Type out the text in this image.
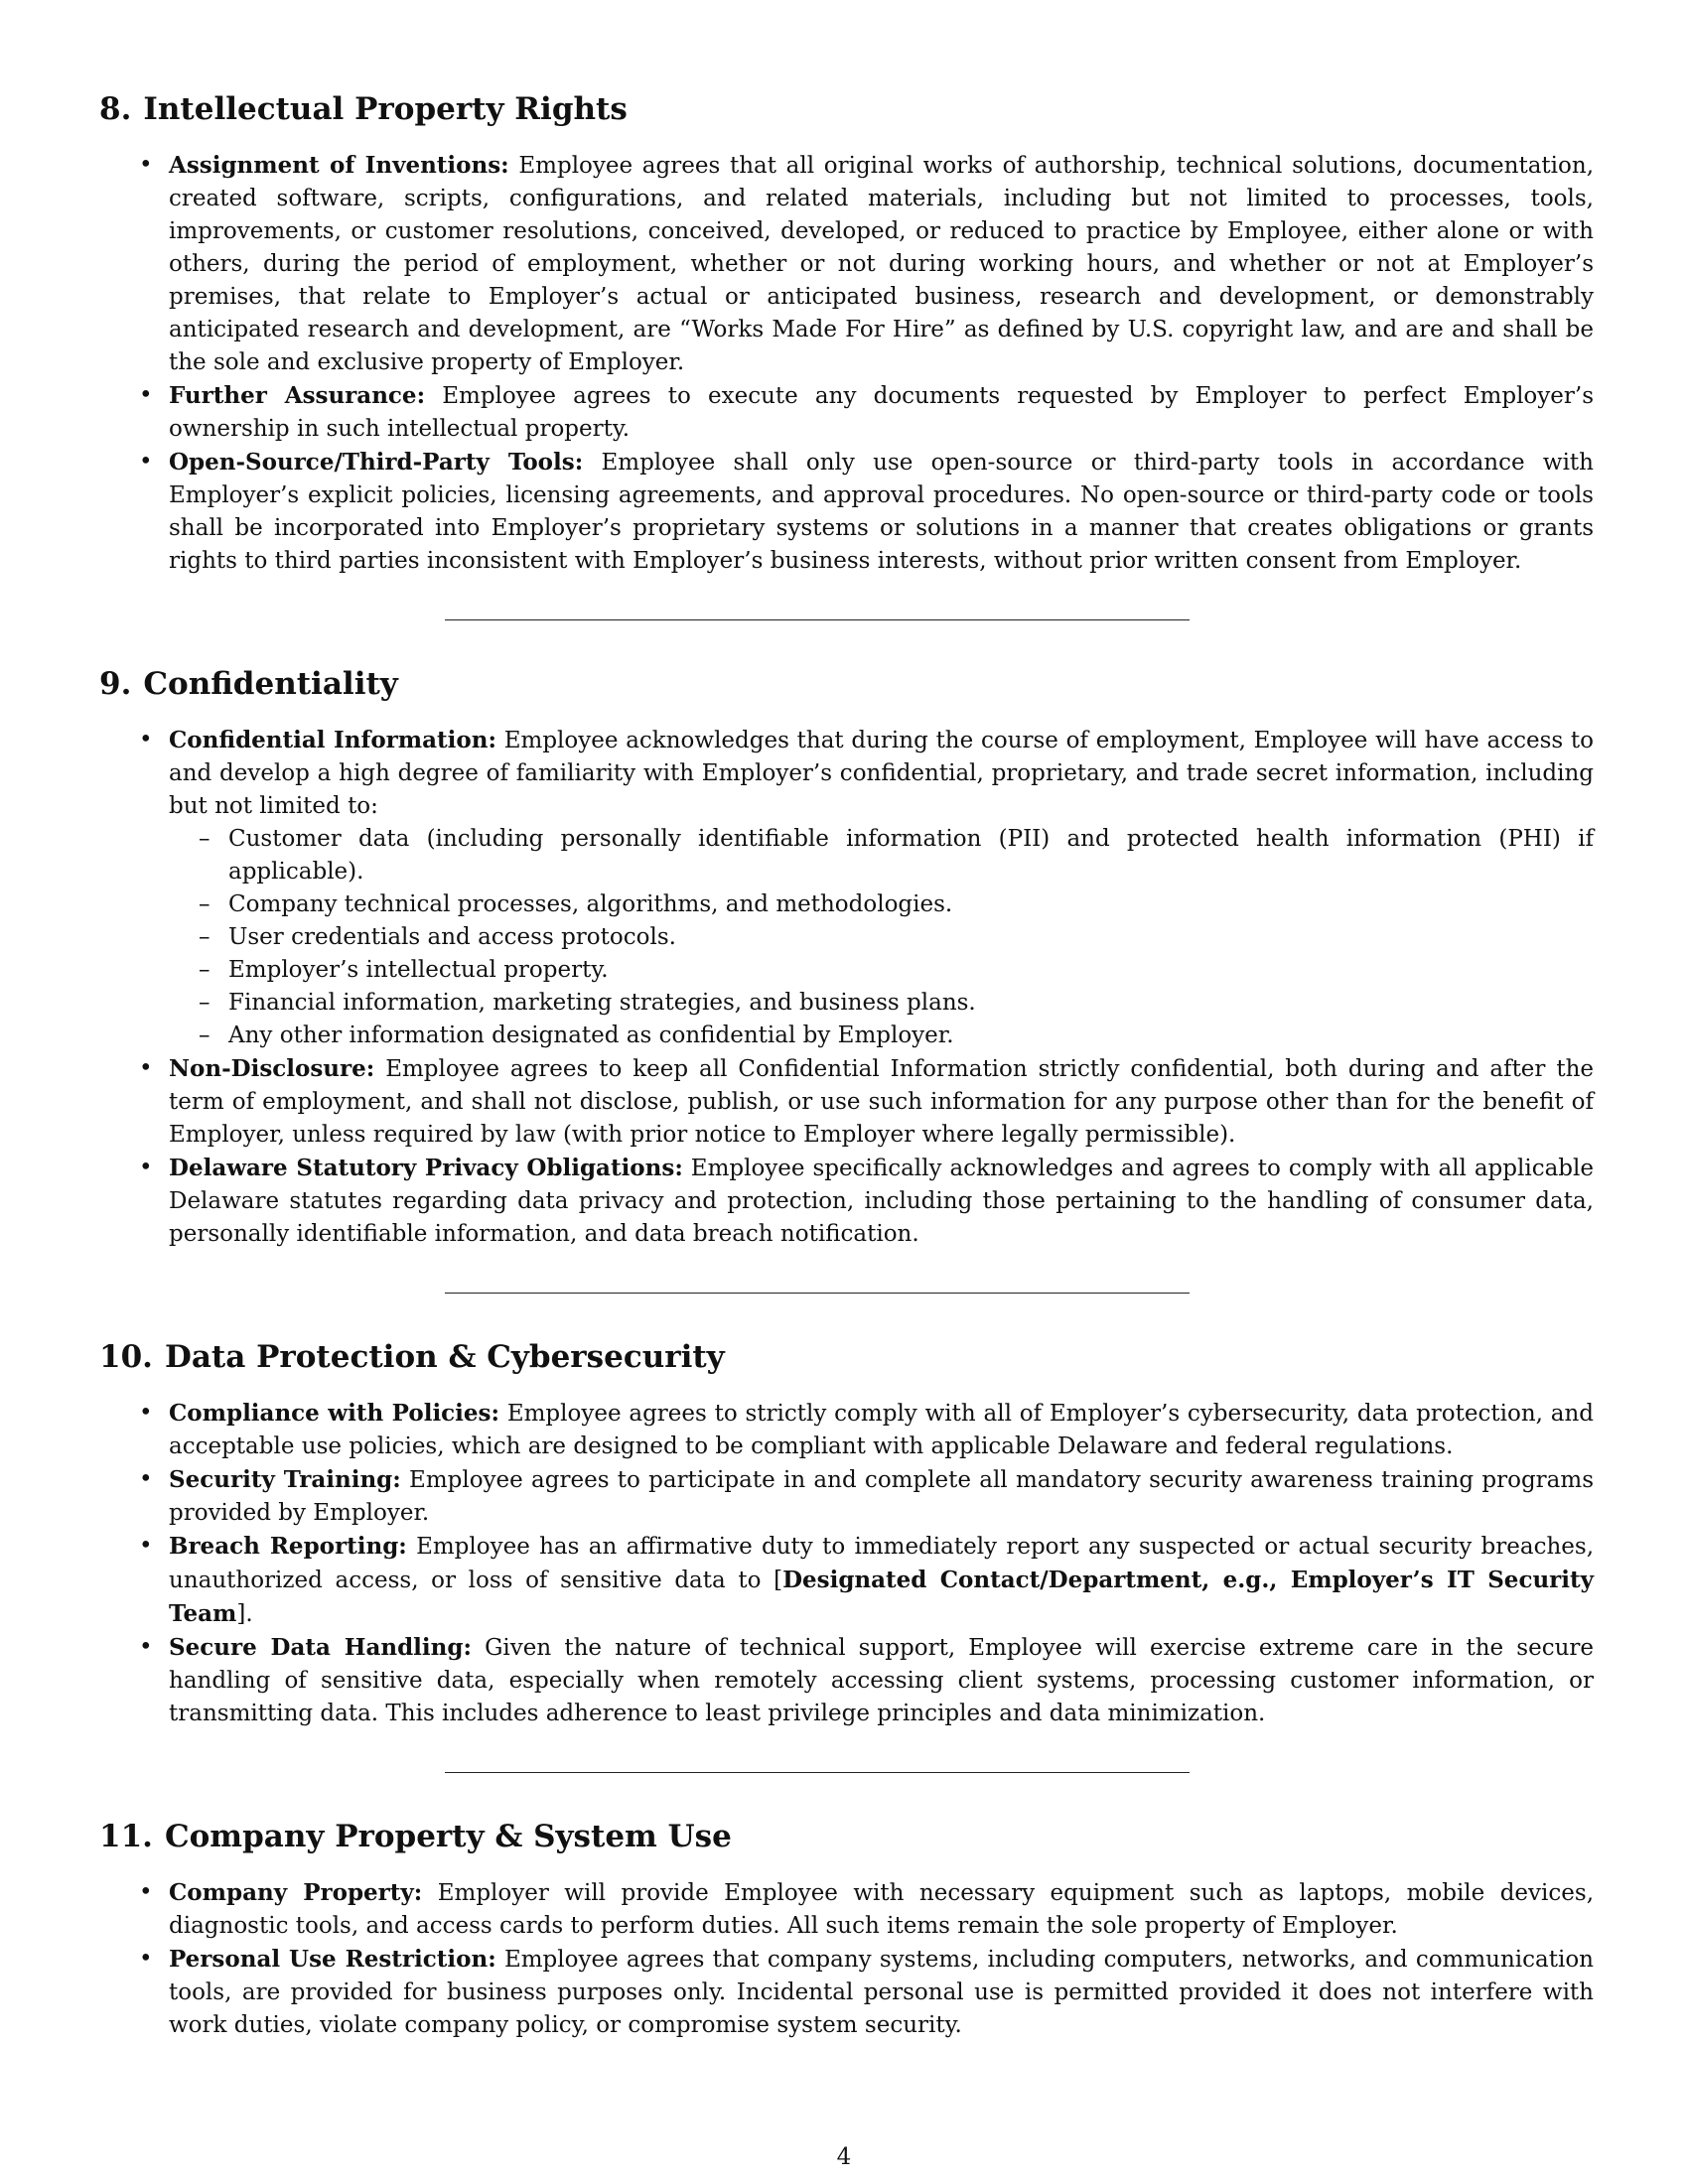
8. Intellectual Property Rights
• Assignment of Inventions: Employee agrees that all original works of authorship, technical solutions, documentation, created software, scripts, configurations, and related materials, including but not limited to processes, tools, improvements, or customer resolutions, conceived, developed, or reduced to practice by Employee, either alone or with others, during the period of employment, whether or not during working hours, and whether or not at Employer’s premises, that relate to Employer’s actual or anticipated business, research and development, or demonstrably anticipated research and development, are “Works Made For Hire” as defined by U.S. copyright law, and are and shall be the sole and exclusive property of Employer.
• Further Assurance: Employee agrees to execute any documents requested by Employer to perfect Employer’s ownership in such intellectual property.
• Open-Source/Third-Party Tools: Employee shall only use open-source or third-party tools in accordance with Employer’s explicit policies, licensing agreements, and approval procedures. No open-source or third-party code or tools shall be incorporated into Employer’s proprietary systems or solutions in a manner that creates obligations or grants rights to third parties inconsistent with Employer’s business interests, without prior written consent from Employer.
9. Confidentiality
• Confidential Information: Employee acknowledges that during the course of employment, Employee will have access to and develop a high degree of familiarity with Employer’s confidential, proprietary, and trade secret information, including but not limited to:
– Customer data (including personally identifiable information (PII) and protected health information (PHI) if applicable).
– Company technical processes, algorithms, and methodologies.
– User credentials and access protocols.
– Employer’s intellectual property.
– Financial information, marketing strategies, and business plans.
– Any other information designated as confidential by Employer.
• Non-Disclosure: Employee agrees to keep all Confidential Information strictly confidential, both during and after the term of employment, and shall not disclose, publish, or use such information for any purpose other than for the benefit of Employer, unless required by law (with prior notice to Employer where legally permissible).
• Delaware Statutory Privacy Obligations: Employee specifically acknowledges and agrees to comply with all applicable Delaware statutes regarding data privacy and protection, including those pertaining to the handling of consumer data, personally identifiable information, and data breach notification.
10. Data Protection & Cybersecurity
• Compliance with Policies: Employee agrees to strictly comply with all of Employer’s cybersecurity, data protection, and acceptable use policies, which are designed to be compliant with applicable Delaware and federal regulations.
• Security Training: Employee agrees to participate in and complete all mandatory security awareness training programs provided by Employer.
• Breach Reporting: Employee has an affirmative duty to immediately report any suspected or actual security breaches, unauthorized access, or loss of sensitive data to [Designated Contact/Department, e.g., Employer’s IT Security Team].
• Secure Data Handling: Given the nature of technical support, Employee will exercise extreme care in the secure handling of sensitive data, especially when remotely accessing client systems, processing customer information, or transmitting data. This includes adherence to least privilege principles and data minimization.
11. Company Property & System Use
• Company Property: Employer will provide Employee with necessary equipment such as laptops, mobile devices, diagnostic tools, and access cards to perform duties. All such items remain the sole property of Employer.
• Personal Use Restriction: Employee agrees that company systems, including computers, networks, and communication tools, are provided for business purposes only. Incidental personal use is permitted provided it does not interfere with work duties, violate company policy, or compromise system security.
4
